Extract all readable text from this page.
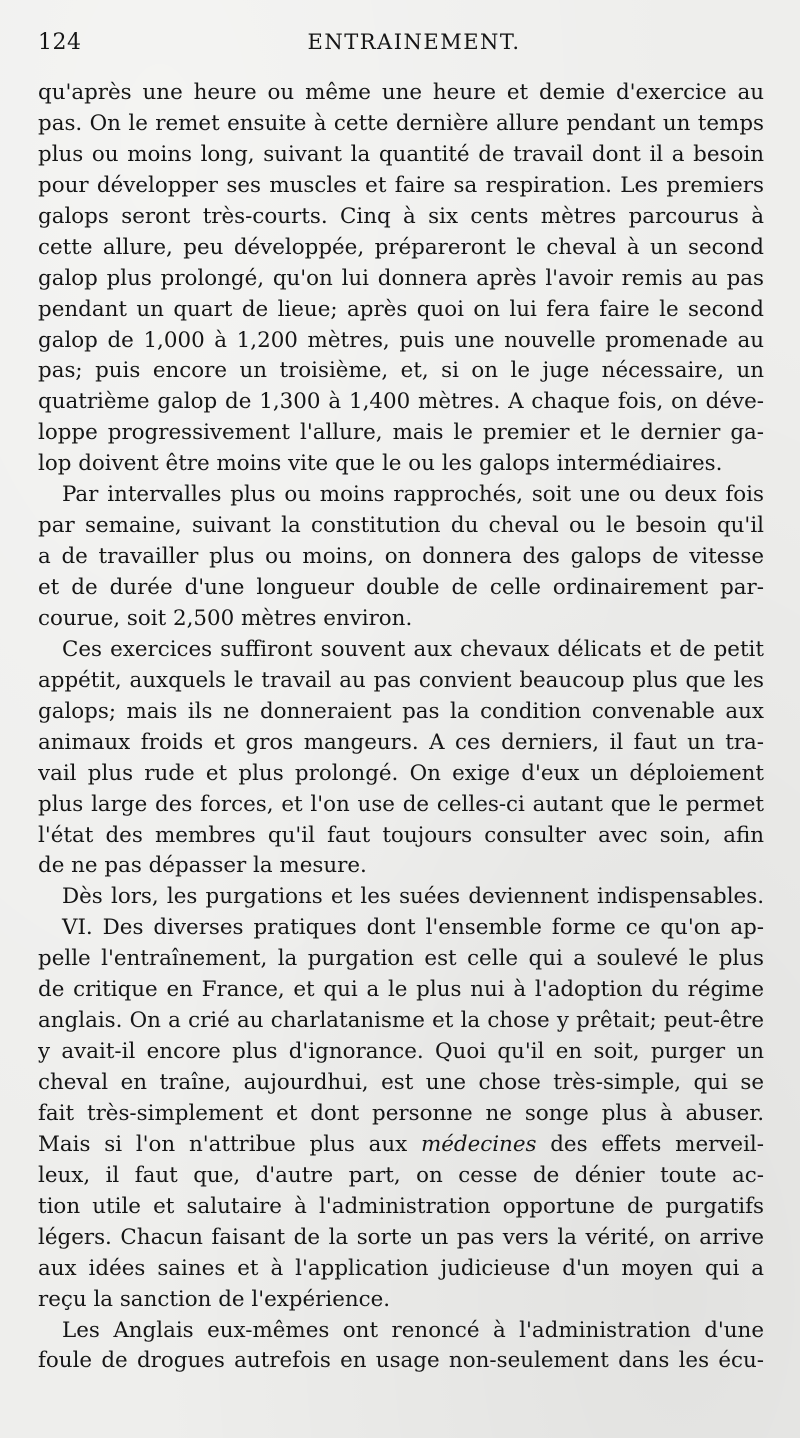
124	ENTRAINEMENT.
qu'après une heure ou même une heure et demie d'exercice au
pas. On le remet ensuite à cette dernière allure pendant un temps
plus ou moins long, suivant la quantité de travail dont il a besoin
pour développer ses muscles et faire sa respiration. Les premiers
galops seront très-courts. Cinq à six cents mètres parcourus à
cette allure, peu développée, prépareront le cheval à un second
galop plus prolongé, qu'on lui donnera après l'avoir remis au pas
pendant un quart de lieue; après quoi on lui fera faire le second
galop de 1,000 à 1,200 mètres, puis une nouvelle promenade au
pas; puis encore un troisième, et, si on le juge nécessaire, un
quatrième galop de 1,300 à 1,400 mètres. A chaque fois, on déve-
loppe progressivement l'allure, mais le premier et le dernier ga-
lop doivent être moins vite que le ou les galops intermédiaires.
Par intervalles plus ou moins rapprochés, soit une ou deux fois
par semaine, suivant la constitution du cheval ou le besoin qu'il
a de travailler plus ou moins, on donnera des galops de vitesse
et de durée d'une longueur double de celle ordinairement par-
courue, soit 2,500 mètres environ.
Ces exercices suffiront souvent aux chevaux délicats et de petit
appétit, auxquels le travail au pas convient beaucoup plus que les
galops; mais ils ne donneraient pas la condition convenable aux
animaux froids et gros mangeurs. A ces derniers, il faut un tra-
vail plus rude et plus prolongé. On exige d'eux un déploiement
plus large des forces, et l'on use de celles-ci autant que le permet
l'état des membres qu'il faut toujours consulter avec soin, afin
de ne pas dépasser la mesure.
Dès lors, les purgations et les suées deviennent indispensables.
VI. Des diverses pratiques dont l'ensemble forme ce qu'on ap-
pelle l'entraînement, la purgation est celle qui a soulevé le plus
de critique en France, et qui a le plus nui à l'adoption du régime
anglais. On a crié au charlatanisme et la chose y prêtait; peut-être
y avait-il encore plus d'ignorance. Quoi qu'il en soit, purger un
cheval en traîne, aujourdhui, est une chose très-simple, qui se
fait très-simplement et dont personne ne songe plus à abuser.
Mais si l'on n'attribue plus aux médecines des effets merveil-
leux, il faut que, d'autre part, on cesse de dénier toute ac-
tion utile et salutaire à l'administration opportune de purgatifs
légers. Chacun faisant de la sorte un pas vers la vérité, on arrive
aux idées saines et à l'application judicieuse d'un moyen qui a
reçu la sanction de l'expérience.
Les Anglais eux-mêmes ont renoncé à l'administration d'une
foule de drogues autrefois en usage non-seulement dans les écu-
